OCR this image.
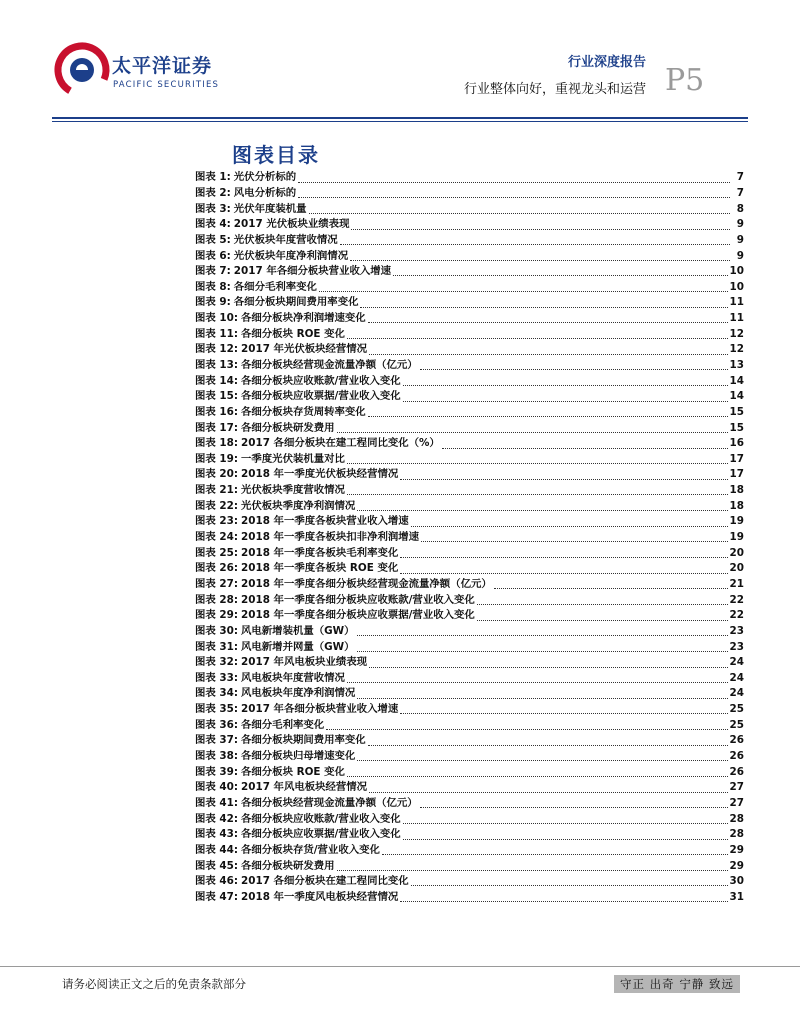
太平洋证券
PACIFIC SECURITIES
行业深度报告
行业整体向好，重视龙头和运营 P5
图表目录
图表 1: 光伏分析标的	7
图表 2: 风电分析标的	7
图表 3: 光伏年度装机量	8
图表 4: 2017 光伏板块业绩表现	9
图表 5: 光伏板块年度营收情况	9
图表 6: 光伏板块年度净利润情况	9
图表 7: 2017 年各细分板块营业收入增速	10
图表 8: 各细分毛利率变化	10
图表 9: 各细分板块期间费用率变化	11
图表 10: 各细分板块净利润增速变化	11
图表 11: 各细分板块 ROE 变化	12
图表 12: 2017 年光伏板块经营情况	12
图表 13: 各细分板块经营现金流量净额（亿元）	13
图表 14: 各细分板块应收账款/营业收入变化	14
图表 15: 各细分板块应收票据/营业收入变化	14
图表 16: 各细分板块存货周转率变化	15
图表 17: 各细分板块研发费用	15
图表 18: 2017 各细分板块在建工程同比变化（%）	16
图表 19: 一季度光伏装机量对比	17
图表 20: 2018 年一季度光伏板块经营情况	17
图表 21: 光伏板块季度营收情况	18
图表 22: 光伏板块季度净利润情况	18
图表 23: 2018 年一季度各板块营业收入增速	19
图表 24: 2018 年一季度各板块扣非净利润增速	19
图表 25: 2018 年一季度各板块毛利率变化	20
图表 26: 2018 年一季度各板块 ROE 变化	20
图表 27: 2018 年一季度各细分板块经营现金流量净额（亿元）	21
图表 28: 2018 年一季度各细分板块应收账款/营业收入变化	22
图表 29: 2018 年一季度各细分板块应收票据/营业收入变化	22
图表 30: 风电新增装机量（GW）	23
图表 31: 风电新增并网量（GW）	23
图表 32: 2017 年风电板块业绩表现	24
图表 33: 风电板块年度营收情况	24
图表 34: 风电板块年度净利润情况	24
图表 35: 2017 年各细分板块营业收入增速	25
图表 36: 各细分毛利率变化	25
图表 37: 各细分板块期间费用率变化	26
图表 38: 各细分板块归母增速变化	26
图表 39: 各细分板块 ROE 变化	26
图表 40: 2017 年风电板块经营情况	27
图表 41: 各细分板块经营现金流量净额（亿元）	27
图表 42: 各细分板块应收账款/营业收入变化	28
图表 43: 各细分板块应收票据/营业收入变化	28
图表 44: 各细分板块存货/营业收入变化	29
图表 45: 各细分板块研发费用	29
图表 46: 2017 各细分板块在建工程同比变化	30
图表 47: 2018 年一季度风电板块经营情况	31
请务必阅读正文之后的免责条款部分	守正 出奇 宁静 致远
